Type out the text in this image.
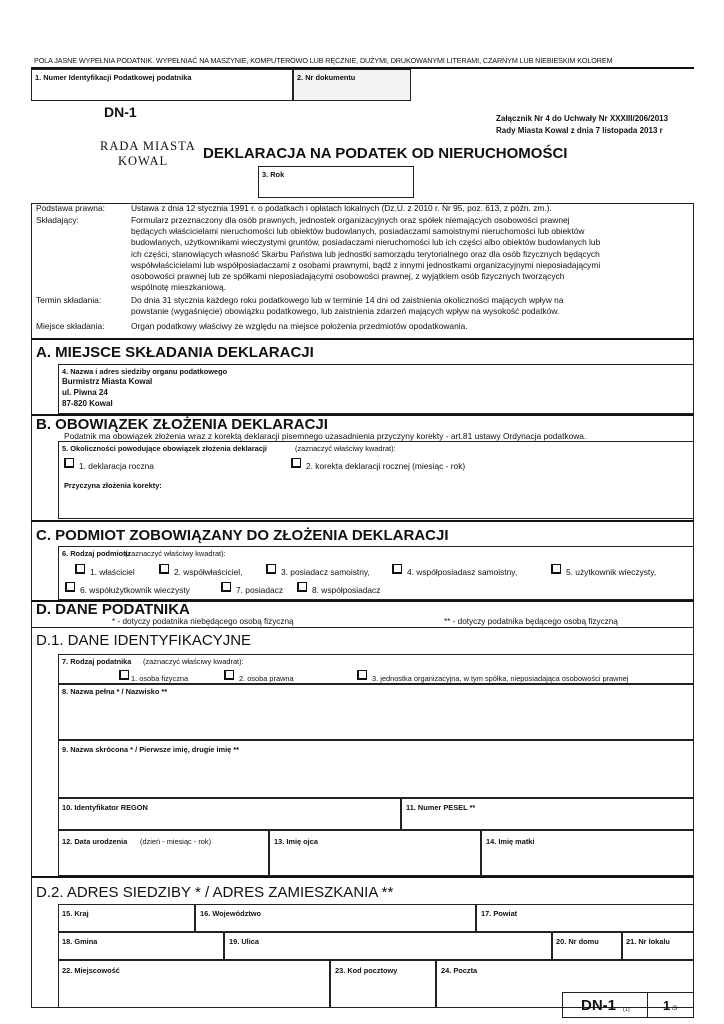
POLA JASNE WYPEŁNIA PODATNIK. WYPEŁNIAĆ NA MASZYNIE, KOMPUTEROWO LUB RĘCZNIE, DUŻYMI, DRUKOWANYMI LITERAMI, CZARNYM LUB NIEBIESKIM KOLOREM
1. Numer Identyfikacji Podatkowej podatnika	2. Nr dokumentu
DN-1	Załącznik Nr 4 do Uchwały Nr XXXIII/206/2013
Rady Miasta Kowal z dnia 7 listopada 2013 r
RADA MIASTA
KOWAL DEKLARACJA NA PODATEK OD NIERUCHOMOŚCI
3. Rok
Podstawa prawna:	Ustawa z dnia 12 stycznia 1991 r. o podatkach i opłatach lokalnych (Dz.U. z 2010 r. Nr 95, poz. 613, z późn. zm.).
Składający:	Formularz przeznaczony dla osób prawnych, jednostek organizacyjnych oraz spółek niemających osobowości prawnej
będących właścicielami nieruchomości lub obiektów budowlanych, posiadaczami samoistnymi nieruchomości lub obiektów
budowlanych, użytkownikami wieczystymi gruntów, posiadaczami nieruchomości lub ich części albo obiektów budowlanych lub
ich części, stanowiących własność Skarbu Państwa lub jednostki samorządu terytorialnego oraz dla osób fizycznych będących
współwłaścicielami lub współposiadaczami z osobami prawnymi, bądź z innymi jednostkami organizacyjnymi nieposiadającymi
osobowości prawnej lub ze spółkami nieposiadającymi osobowości prawnej, z wyjątkiem osób fizycznych tworzących
wspólnotę mieszkaniową.
Termin składania:	Do dnia 31 stycznia każdego roku podatkowego lub w terminie 14 dni od zaistnienia okoliczności mających wpływ na
powstanie (wygaśnięcie) obowiązku podatkowego, lub zaistnienia zdarzeń mających wpływ na wysokość podatków.
Miejsce składania:	Organ podatkowy właściwy ze względu na miejsce położenia przedmiotów opodatkowania.
A. MIEJSCE SKŁADANIA DEKLARACJI
4. Nazwa i adres siedziby organu podatkowego
Burmistrz Miasta Kowal
ul. Piwna 24
87-820 Kowal
B. OBOWIĄZEK ZŁOŻENIA DEKLARACJI
Podatnik ma obowiązek złożenia wraz z korektą deklaracji pisemnego uzasadnienia przyczyny korekty - art.81 ustawy Ordynacja podatkowa.
5. Okoliczności powodujące obowiązek złożenia deklaracji	(zaznaczyć właściwy kwadrat):
1. deklaracja roczna	2. korekta deklaracji rocznej (miesiąc - rok)
Przyczyna złożenia korekty:
C. PODMIOT ZOBOWIĄZANY DO ZŁOŻENIA DEKLARACJI
6. Rodzaj podmiotu
(zaznaczyć właściwy kwadrat):
1. właściciel	2. współwłaściciel,	3. posiadacz samoistny,	4. współposiadasz samoistny,	5. użytkownik wieczysty,
6. współużytkownik wieczysty	7. posiadacz	8. współposiadacz
D. DANE PODATNIKA
* - dotyczy podatnika niebędącego osobą fizyczną	** - dotyczy podatnika będącego osobą fizyczną
D.1. DANE IDENTYFIKACYJNE
7. Rodzaj podatnika (zaznaczyć właściwy kwadrat):
1. osoba fizyczna	2. osoba prawna	3. jednostka organizacyjna, w tym spółka, nieposiadająca osobowości prawnej
8. Nazwa pełna * / Nazwisko **
9. Nazwa skrócona * / Pierwsze imię, drugie imię **
10. Identyfikator REGON	11. Numer PESEL **
12. Data urodzenia (dzień - miesiąc - rok)	13. Imię ojca	14. Imię matki
D.2. ADRES SIEDZIBY * / ADRES ZAMIESZKANIA **
15. Kraj	16. Województwo	17. Powiat
18. Gmina	19. Ulica	20. Nr domu	21. Nr lokalu
22. Miejscowość	23. Kod pocztowy	24. Poczta
DN-1 (1)	1 /3
